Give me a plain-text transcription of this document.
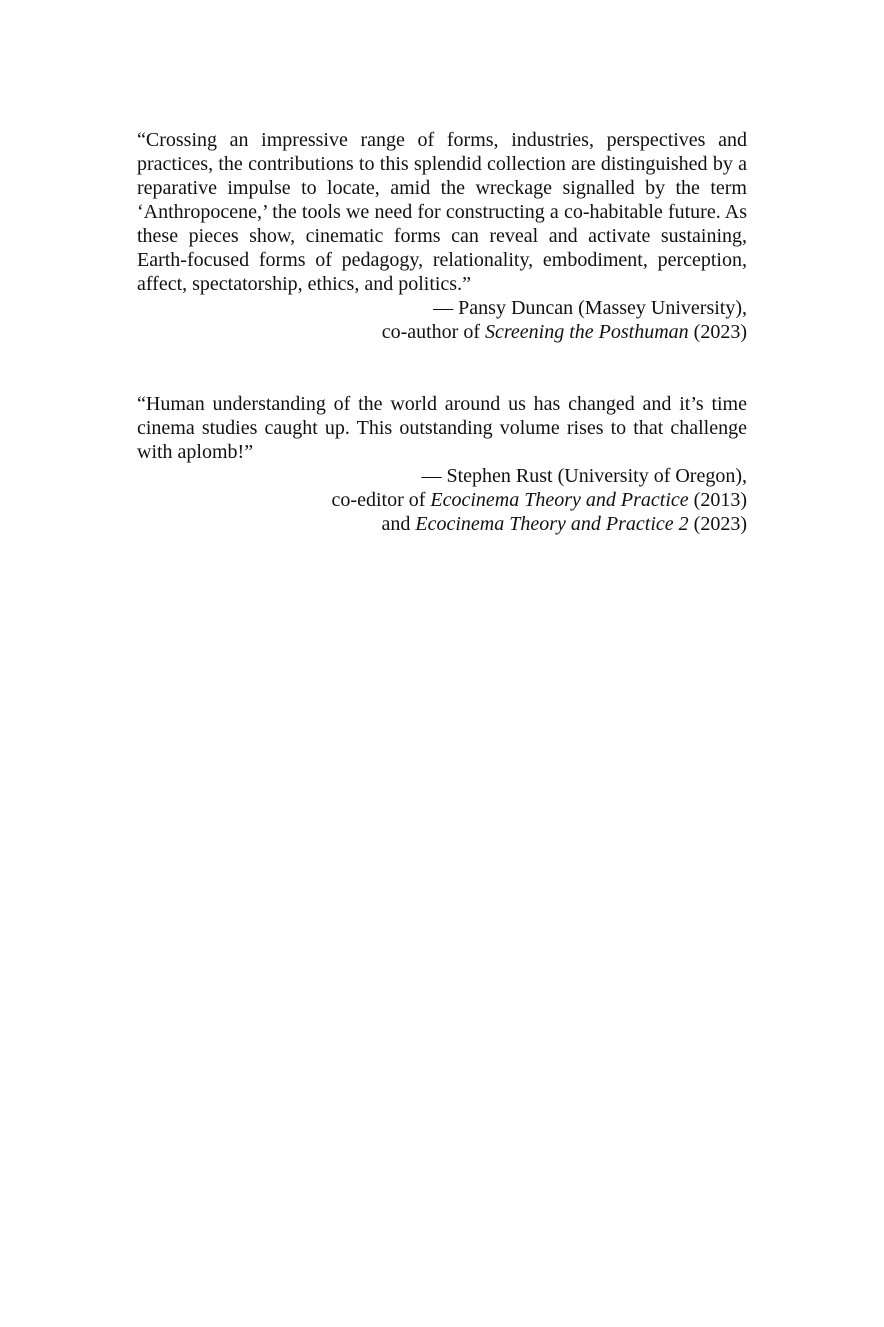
“Crossing an impressive range of forms, industries, perspectives and practices, the contributions to this splendid collection are distinguished by a reparative impulse to locate, amid the wreckage signalled by the term ‘Anthropocene,’ the tools we need for constructing a co-habitable future. As these pieces show, cinematic forms can reveal and activate sustaining, Earth-focused forms of pedagogy, relationality, embodiment, perception, affect, spectatorship, ethics, and politics.”

— Pansy Duncan (Massey University),
co-author of Screening the Posthuman (2023)

“Human understanding of the world around us has changed and it’s time cinema studies caught up. This outstanding volume rises to that challenge with aplomb!”

— Stephen Rust (University of Oregon),
co-editor of Ecocinema Theory and Practice (2013)
and Ecocinema Theory and Practice 2 (2023)
